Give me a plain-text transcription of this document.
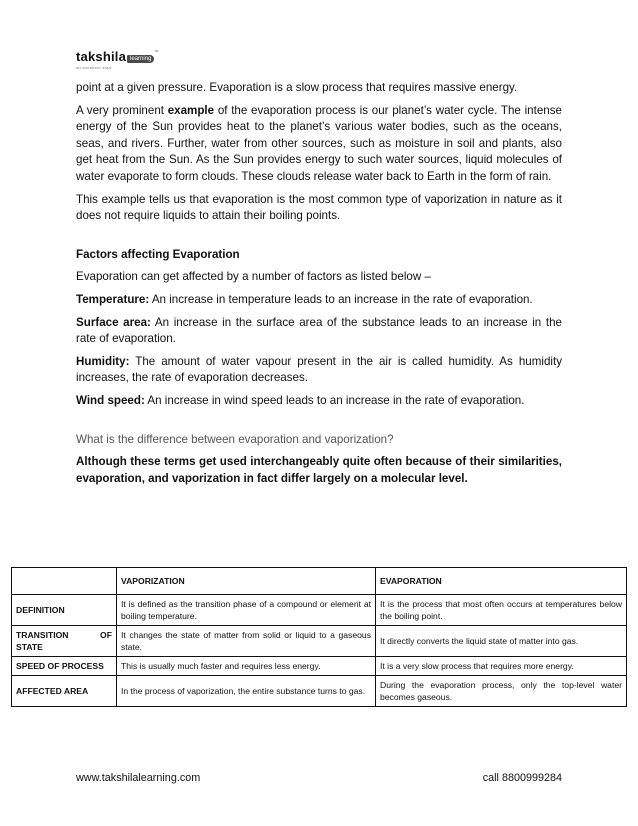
takshila learning™
an excellent start

point at a given pressure. Evaporation is a slow process that requires massive energy.

A very prominent example of the evaporation process is our planet’s water cycle. The intense energy of the Sun provides heat to the planet’s various water bodies, such as the oceans, seas, and rivers. Further, water from other sources, such as moisture in soil and plants, also get heat from the Sun. As the Sun provides energy to such water sources, liquid molecules of water evaporate to form clouds. These clouds release water back to Earth in the form of rain.

This example tells us that evaporation is the most common type of vaporization in nature as it does not require liquids to attain their boiling points.

Factors affecting Evaporation

Evaporation can get affected by a number of factors as listed below –

Temperature: An increase in temperature leads to an increase in the rate of evaporation.

Surface area: An increase in the surface area of the substance leads to an increase in the rate of evaporation.

Humidity: The amount of water vapour present in the air is called humidity. As humidity increases, the rate of evaporation decreases.

Wind speed: An increase in wind speed leads to an increase in the rate of evaporation.

What is the difference between evaporation and vaporization?

Although these terms get used interchangeably quite often because of their similarities, evaporation, and vaporization in fact differ largely on a molecular level.

	VAPORIZATION	EVAPORATION
DEFINITION	It is defined as the transition phase of a compound or element at boiling temperature.	It is the process that most often occurs at temperatures below the boiling point.
TRANSITION OF STATE	It changes the state of matter from solid or liquid to a gaseous state.	It directly converts the liquid state of matter into gas.
SPEED OF PROCESS	This is usually much faster and requires less energy.	It is a very slow process that requires more energy.
AFFECTED AREA	In the process of vaporization, the entire substance turns to gas.	During the evaporation process, only the top-level water becomes gaseous.
www.takshilalearning.com	call 8800999284
